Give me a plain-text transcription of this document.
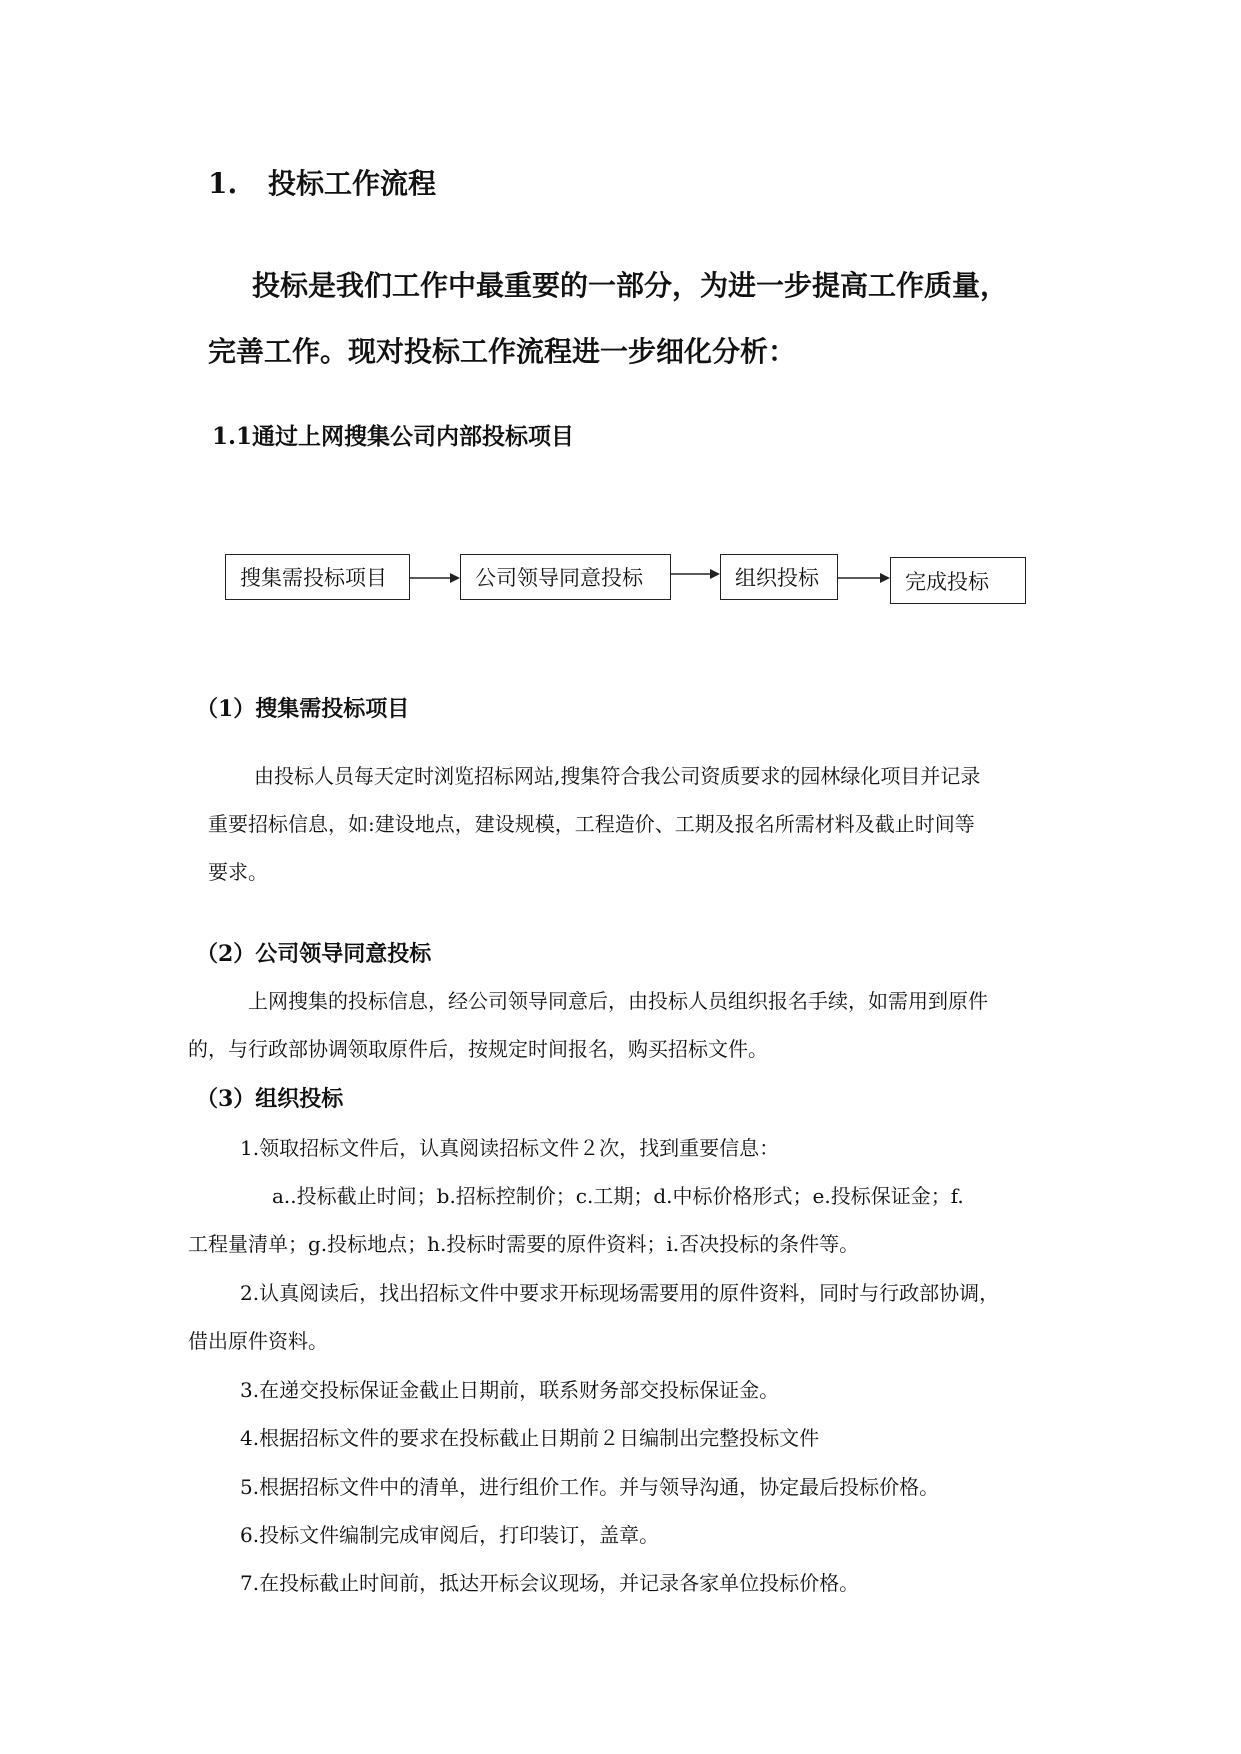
1. 投标工作流程
投标是我们工作中最重要的一部分，为进一步提高工作质量，
完善工作。现对投标工作流程进一步细化分析：
1.1通过上网搜集公司内部投标项目
搜集需投标项目	公司领导同意投标	组织投标	完成投标
（1）搜集需投标项目
由投标人员每天定时浏览招标网站,搜集符合我公司资质要求的园林绿化项目并记录
重要招标信息，如:建设地点，建设规模，工程造价、工期及报名所需材料及截止时间等
要求。
（2）公司领导同意投标
上网搜集的投标信息，经公司领导同意后，由投标人员组织报名手续，如需用到原件
的，与行政部协调领取原件后，按规定时间报名，购买招标文件。
（3）组织投标
1.领取招标文件后，认真阅读招标文件２次，找到重要信息：
a..投标截止时间；b.招标控制价；c.工期；d.中标价格形式；e.投标保证金；f.
工程量清单；g.投标地点；h.投标时需要的原件资料；i.否决投标的条件等。
2.认真阅读后，找出招标文件中要求开标现场需要用的原件资料，同时与行政部协调，
借出原件资料。
3.在递交投标保证金截止日期前，联系财务部交投标保证金。
4.根据招标文件的要求在投标截止日期前２日编制出完整投标文件
5.根据招标文件中的清单，进行组价工作。并与领导沟通，协定最后投标价格。
6.投标文件编制完成审阅后，打印装订，盖章。
7.在投标截止时间前，抵达开标会议现场，并记录各家单位投标价格。
